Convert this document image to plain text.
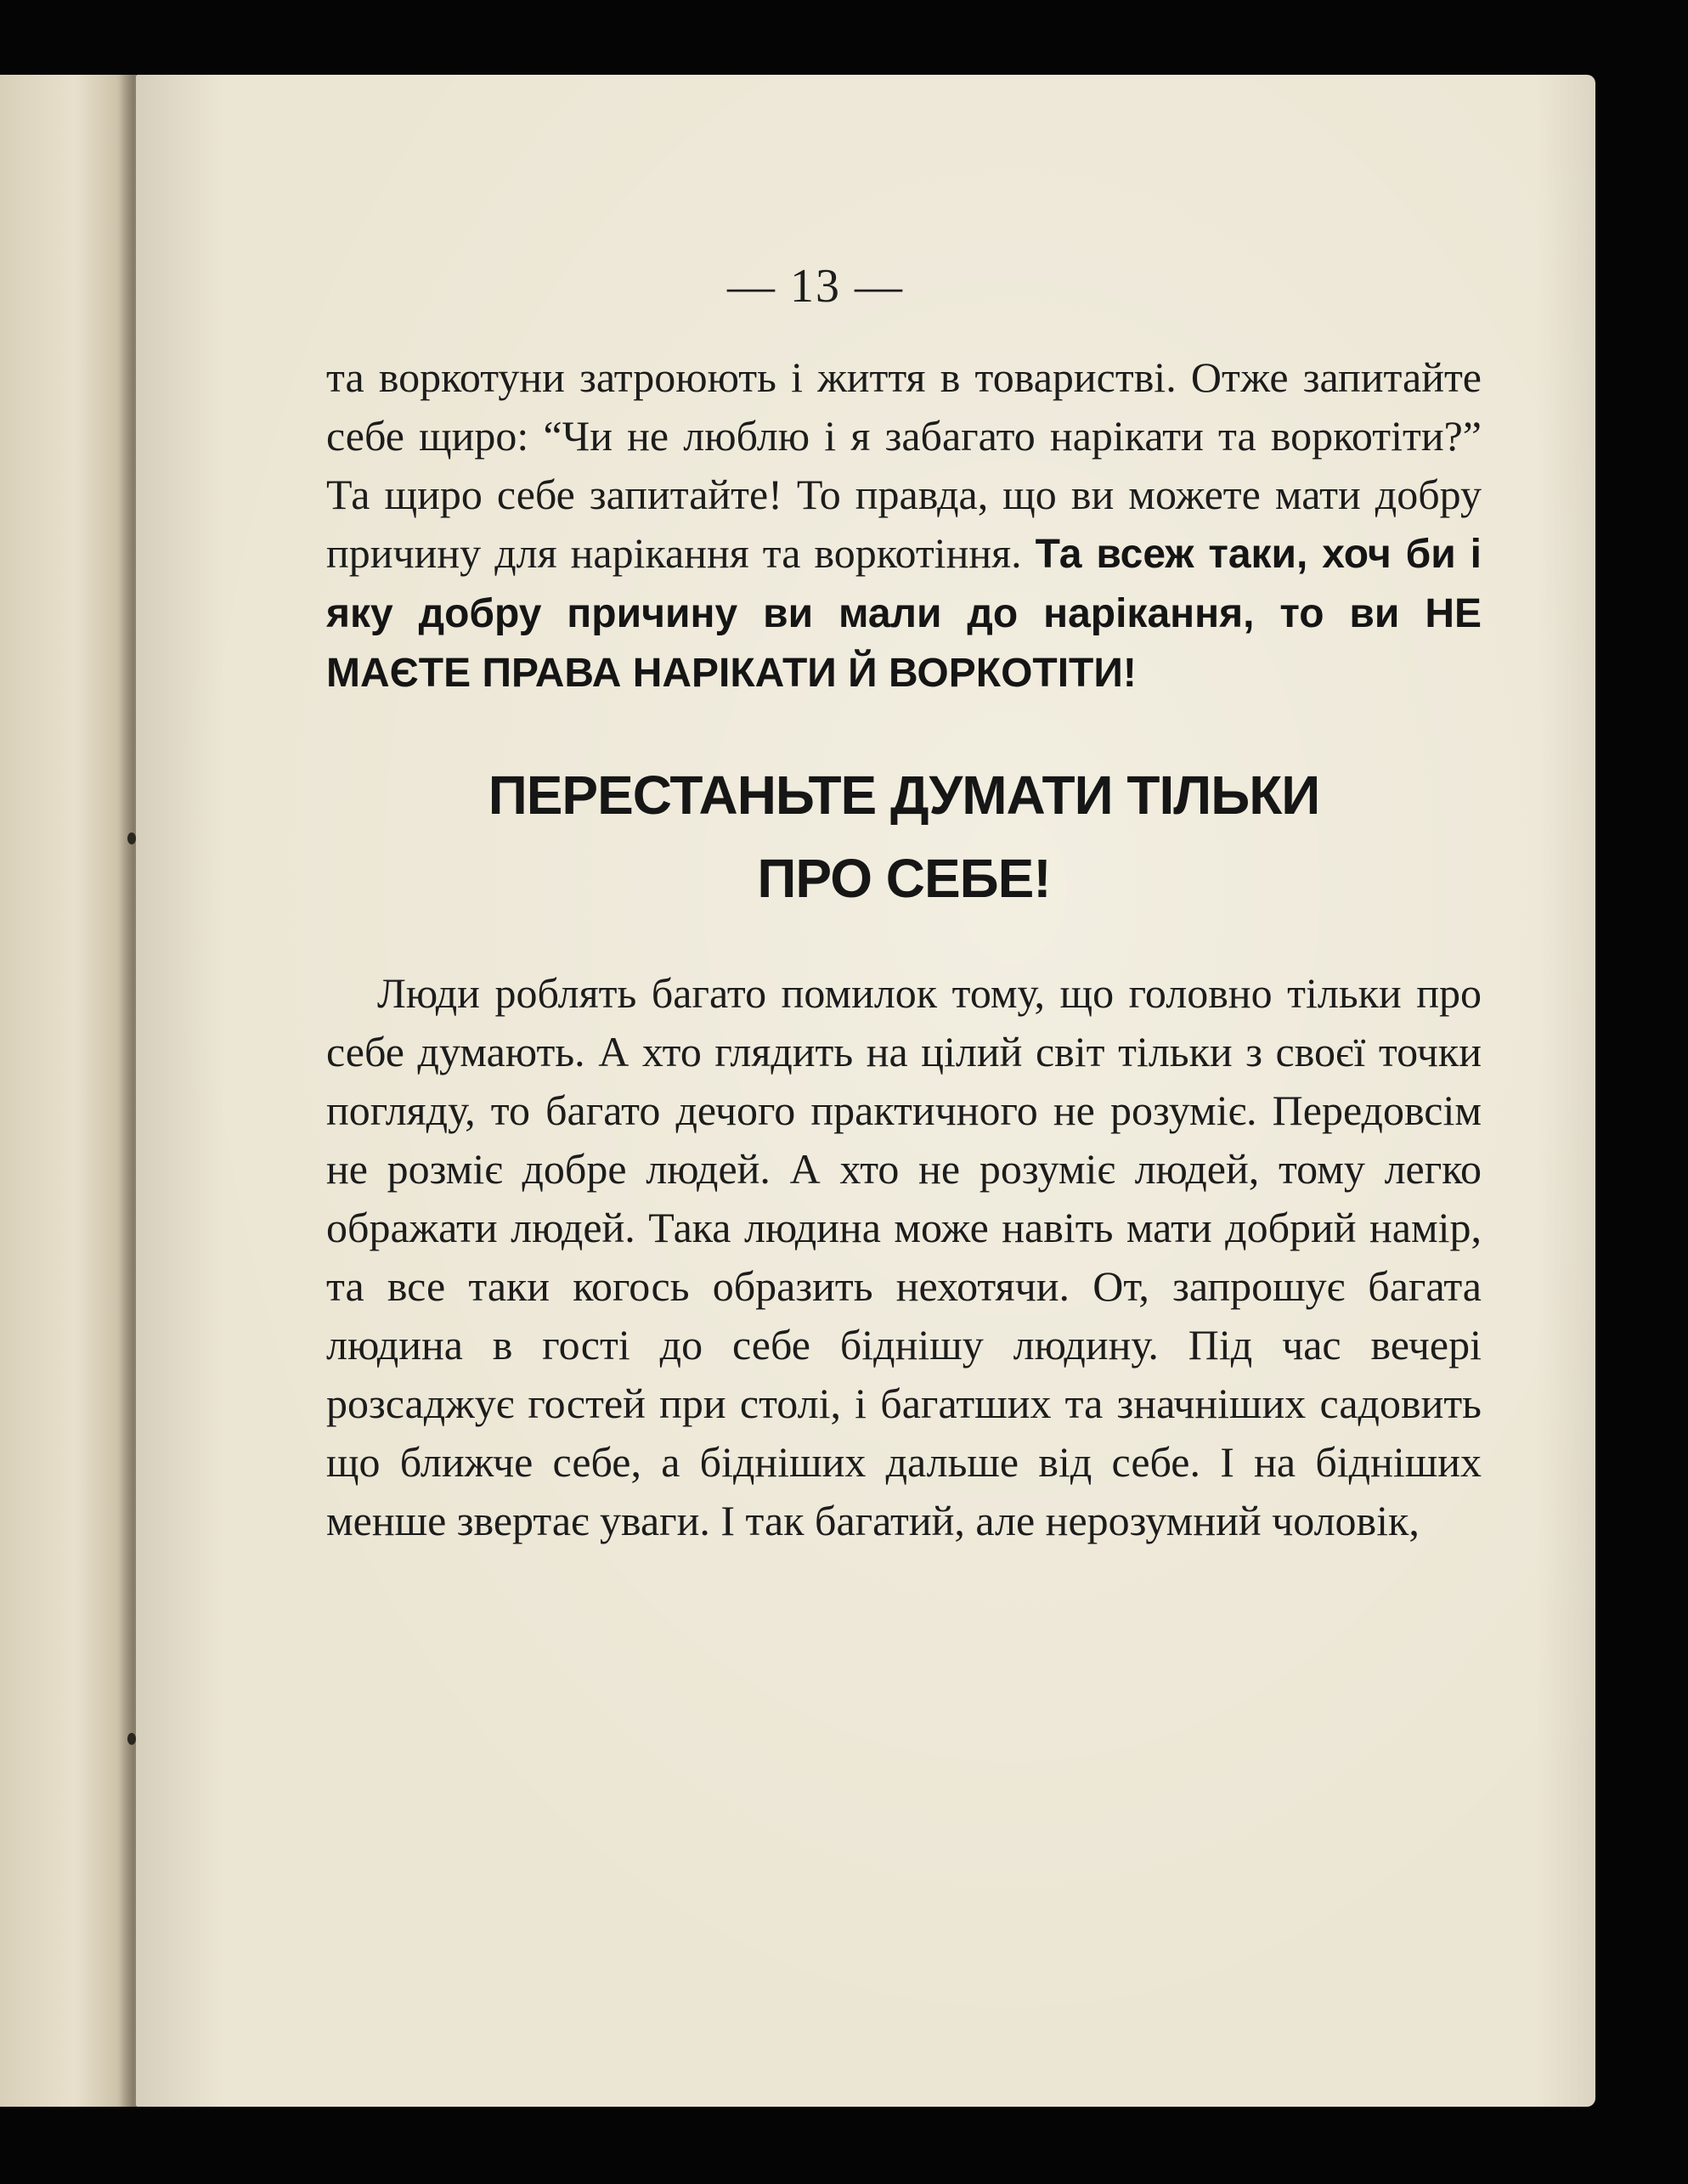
— 13 —

та воркотуни затроюють і життя в товаристві. Отже запитайте себе щиро: “Чи не люблю і я забагато нарікати та воркотіти?” Та щиро себе запитайте! То правда, що ви можете мати добру причину для нарікання та воркотіння. Та всеж таки, хоч би і яку добру причину ви мали до нарікання, то ви НЕ МАЄТЕ ПРАВА НАРІКАТИ Й ВОРКОТІТИ!

ПЕРЕСТАНЬТЕ ДУМАТИ ТІЛЬКИ
ПРО СЕБЕ!

Люди роблять багато помилок тому, що головно тільки про себе думають. А хто глядить на цілий світ тільки з своєї точки погляду, то багато дечого практичного не розуміє. Передовсім не розміє добре людей. А хто не розуміє людей, тому легко ображати людей. Така людина може навіть мати добрий намір, та все таки когось образить нехотячи. От, запрошує багата людина в гості до себе біднішу людину. Під час вечері розсаджує гостей при столі, і багатших та значніших садовить що ближче себе, а бідніших дальше від себе. І на бідніших менше звертає уваги. І так багатий, але нерозумний чоловік,
